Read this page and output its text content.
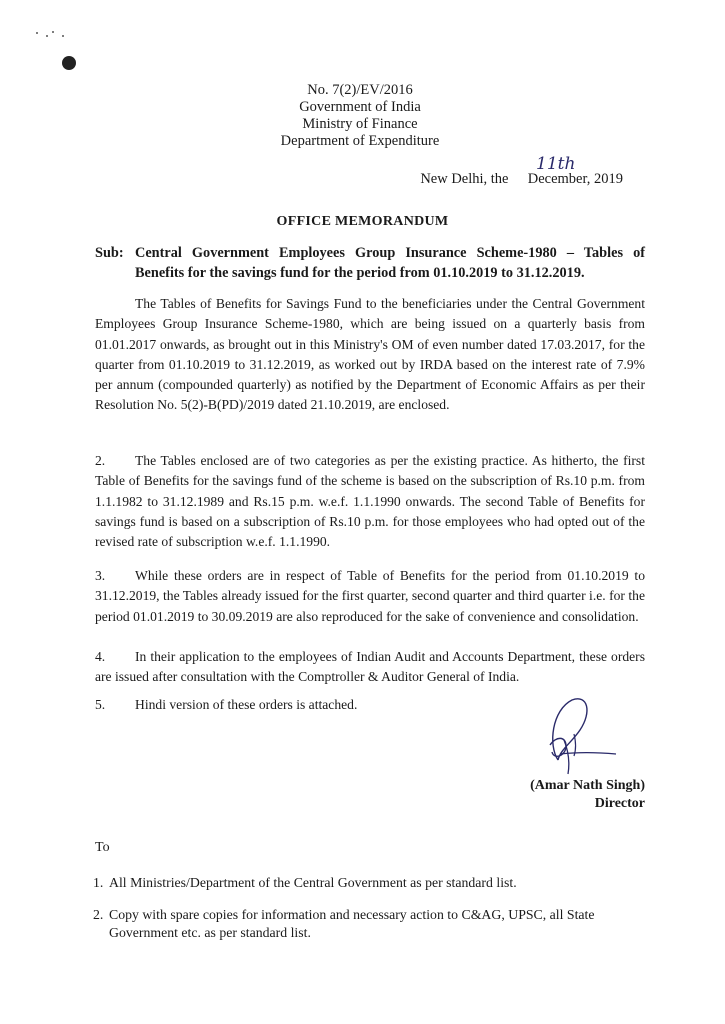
No. 7(2)/EV/2016
Government of India
Ministry of Finance
Department of Expenditure
11th
New Delhi, the December, 2019
OFFICE MEMORANDUM
Sub: Central Government Employees Group Insurance Scheme-1980 – Tables of Benefits for the savings fund for the period from 01.10.2019 to 31.12.2019.
The Tables of Benefits for Savings Fund to the beneficiaries under the Central Government Employees Group Insurance Scheme-1980, which are being issued on a quarterly basis from 01.01.2017 onwards, as brought out in this Ministry's OM of even number dated 17.03.2017, for the quarter from 01.10.2019 to 31.12.2019, as worked out by IRDA based on the interest rate of 7.9% per annum (compounded quarterly) as notified by the Department of Economic Affairs as per their Resolution No. 5(2)-B(PD)/2019 dated 21.10.2019, are enclosed.
2. The Tables enclosed are of two categories as per the existing practice. As hitherto, the first Table of Benefits for the savings fund of the scheme is based on the subscription of Rs.10 p.m. from 1.1.1982 to 31.12.1989 and Rs.15 p.m. w.e.f. 1.1.1990 onwards. The second Table of Benefits for savings fund is based on a subscription of Rs.10 p.m. for those employees who had opted out of the revised rate of subscription w.e.f. 1.1.1990.
3. While these orders are in respect of Table of Benefits for the period from 01.10.2019 to 31.12.2019, the Tables already issued for the first quarter, second quarter and third quarter i.e. for the period 01.01.2019 to 30.09.2019 are also reproduced for the sake of convenience and consolidation.
4. In their application to the employees of Indian Audit and Accounts Department, these orders are issued after consultation with the Comptroller & Auditor General of India.
5. Hindi version of these orders is attached.
(Amar Nath Singh)
Director
To
1. All Ministries/Department of the Central Government as per standard list.
2. Copy with spare copies for information and necessary action to C&AG, UPSC, all State Government etc. as per standard list.
